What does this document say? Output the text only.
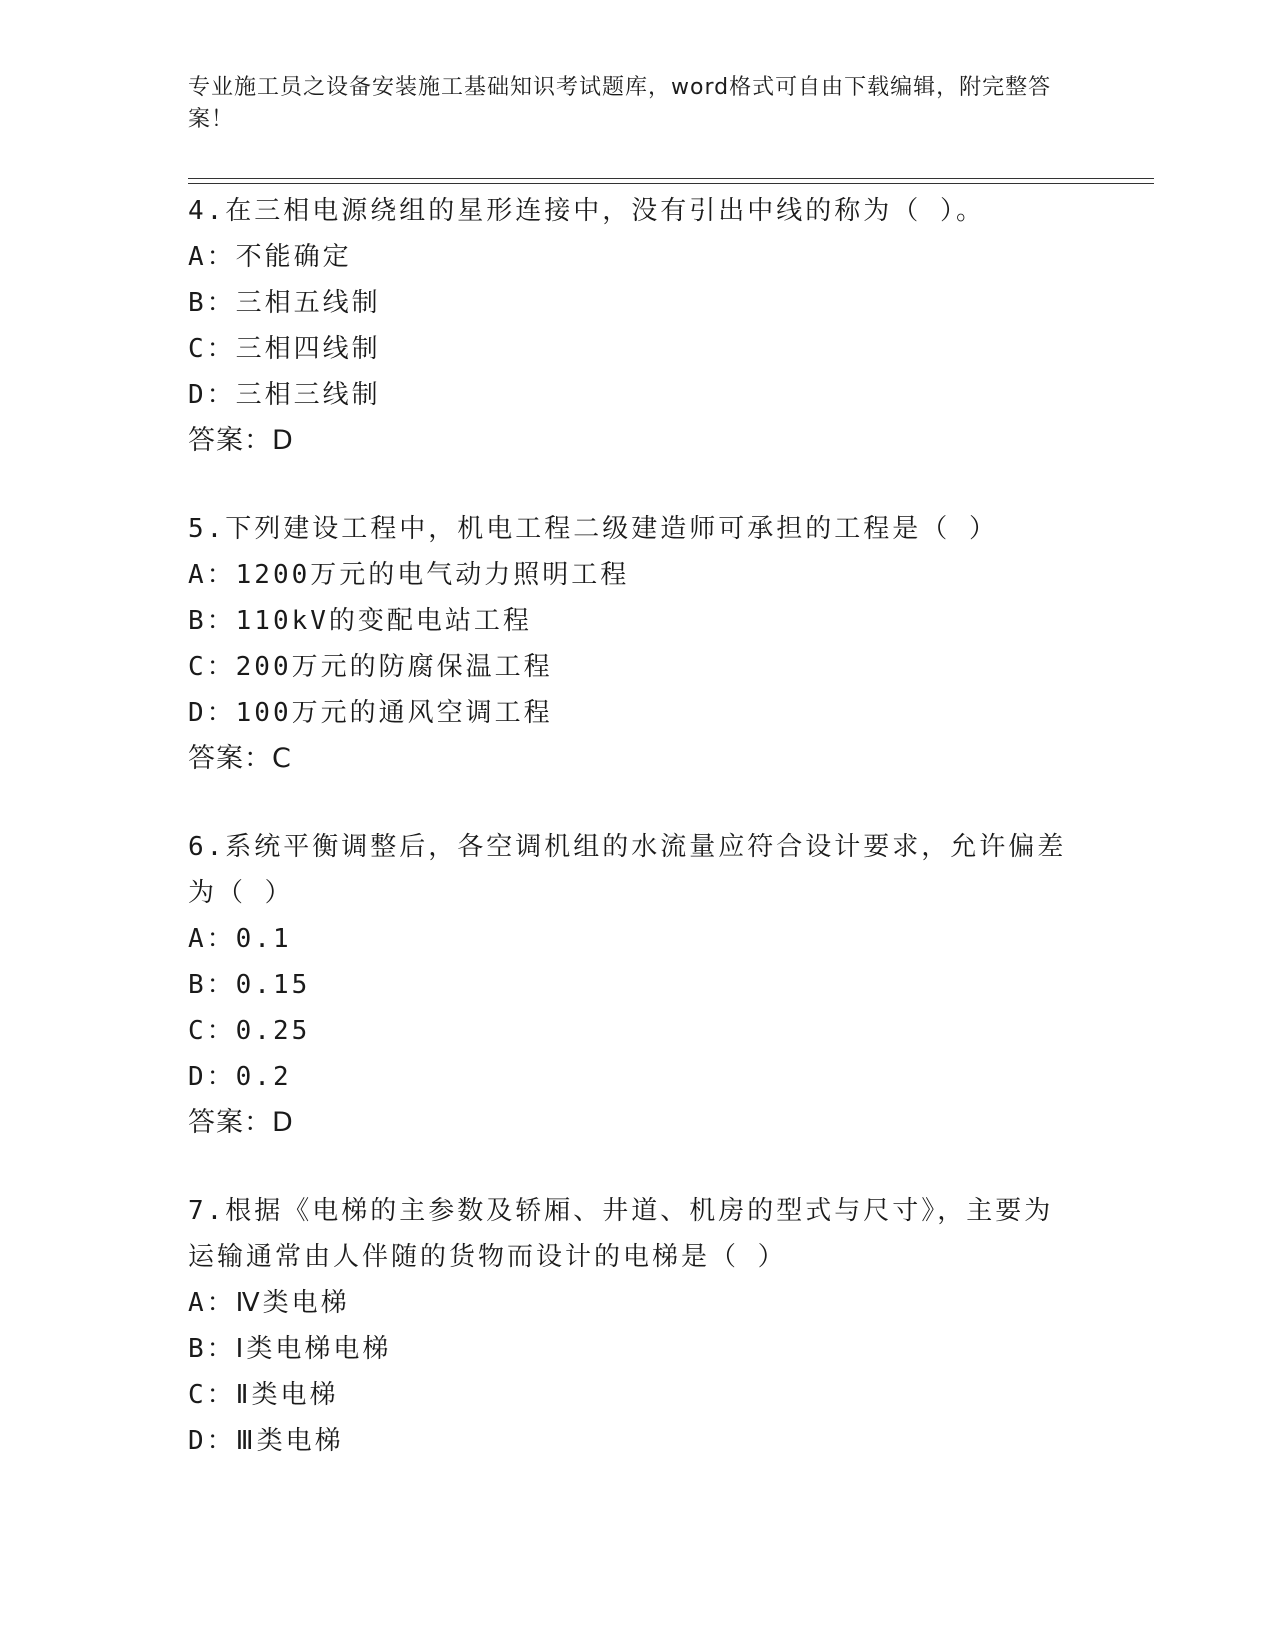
专业施工员之设备安装施工基础知识考试题库，word格式可自由下载编辑，附完整答案！
4.在三相电源绕组的星形连接中，没有引出中线的称为（ ）。
A：不能确定
B：三相五线制
C：三相四线制
D：三相三线制
答案：D
5.下列建设工程中，机电工程二级建造师可承担的工程是（ ）
A：1200万元的电气动力照明工程
B：110kV的变配电站工程
C：200万元的防腐保温工程
D：100万元的通风空调工程
答案：C
6.系统平衡调整后，各空调机组的水流量应符合设计要求，允许偏差为（ ）
A：0.1
B：0.15
C：0.25
D：0.2
答案：D
7.根据《电梯的主参数及轿厢、井道、机房的型式与尺寸》，主要为运输通常由人伴随的货物而设计的电梯是（ ）
A：Ⅳ类电梯
B：Ⅰ类电梯电梯
C：Ⅱ类电梯
D：Ⅲ类电梯
